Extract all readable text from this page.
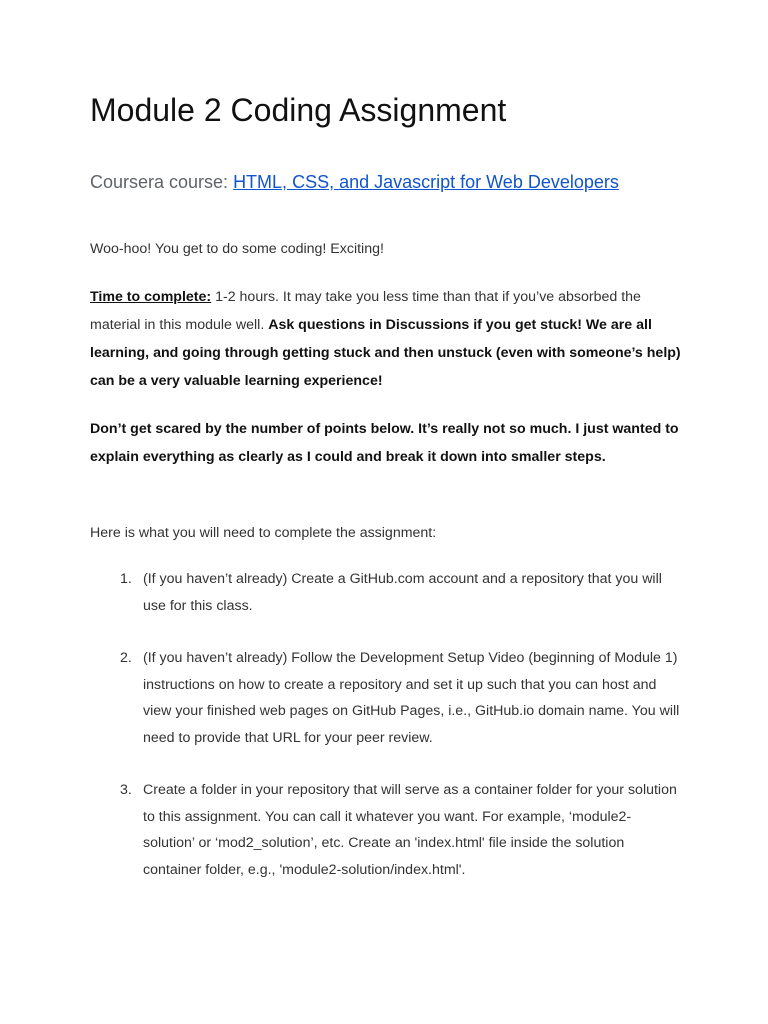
Module 2 Coding Assignment

Coursera course: HTML, CSS, and Javascript for Web Developers

Woo-hoo! You get to do some coding! Exciting!

Time to complete: 1-2 hours. It may take you less time than that if you’ve absorbed the material in this module well. Ask questions in Discussions if you get stuck! We are all learning, and going through getting stuck and then unstuck (even with someone’s help) can be a very valuable learning experience!

Don’t get scared by the number of points below. It’s really not so much. I just wanted to explain everything as clearly as I could and break it down into smaller steps.

Here is what you will need to complete the assignment:

1. (If you haven’t already) Create a GitHub.com account and a repository that you will use for this class.
2. (If you haven’t already) Follow the Development Setup Video (beginning of Module 1) instructions on how to create a repository and set it up such that you can host and view your finished web pages on GitHub Pages, i.e., GitHub.io domain name. You will need to provide that URL for your peer review.
3. Create a folder in your repository that will serve as a container folder for your solution to this assignment. You can call it whatever you want. For example, ‘module2-solution’ or ‘mod2_solution’, etc. Create an 'index.html' file inside the solution container folder, e.g., 'module2-solution/index.html'.
